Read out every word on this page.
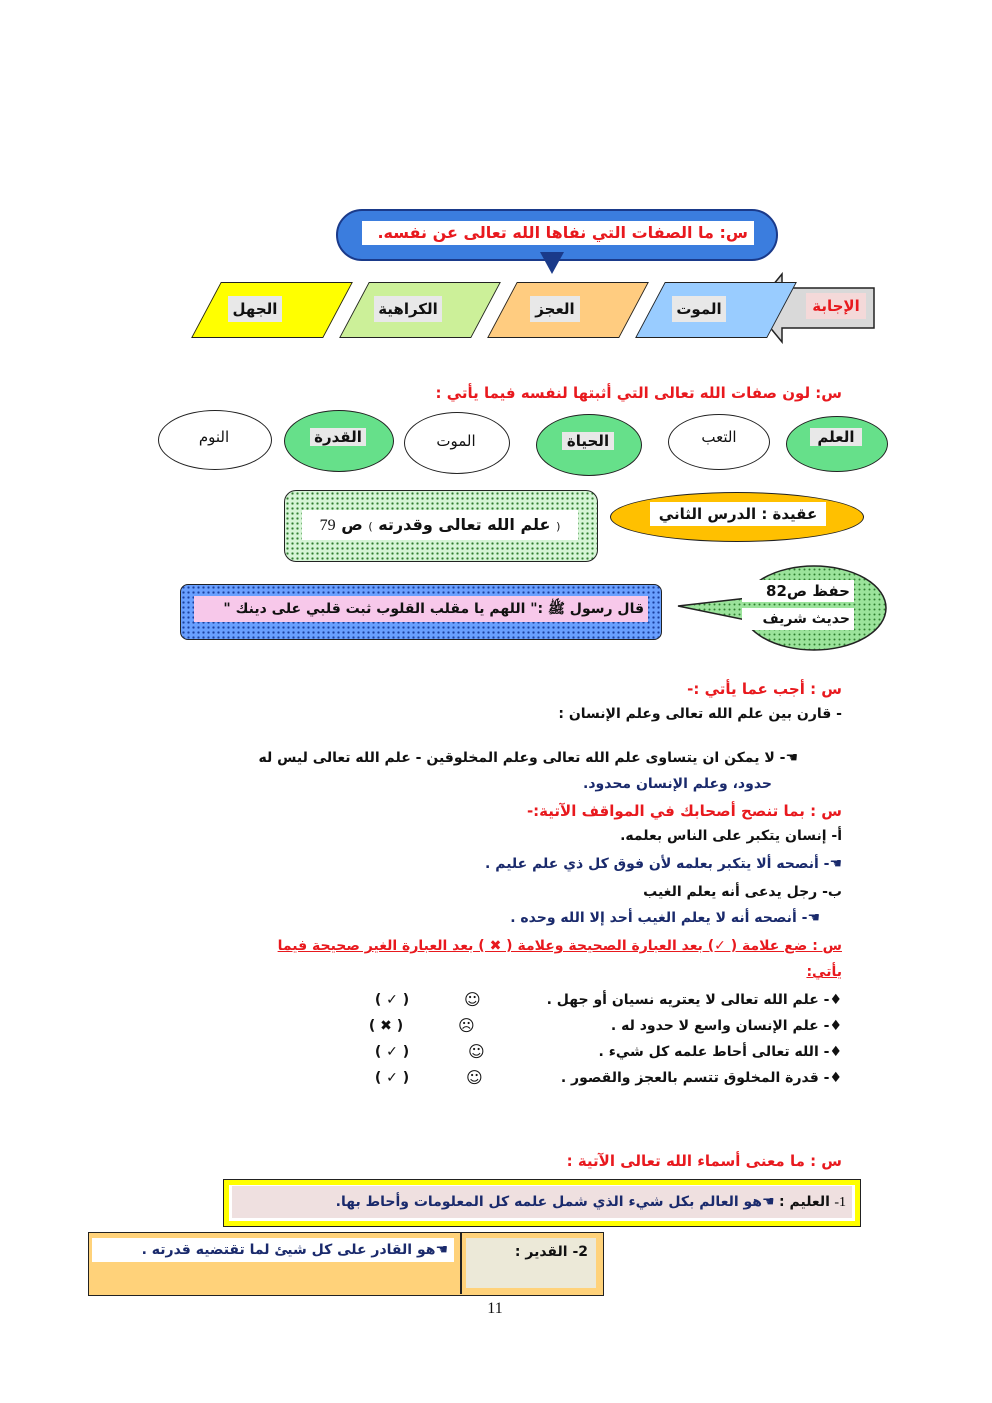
س: ما الصفات التي نفاها الله تعالى عن نفسه.
الإجابة
الموت
العجز
الكراهية
الجهل
س: لون صفات الله تعالى التي أثبتها لنفسه فيما يأتي :
العلم
التعب
الحياة
الموت
القدرة
النوم
عقيدة : الدرس الثاني
( علم الله تعالى وقدرته ) ص 79
حفظ ص82
حديث شريف
قال رسول ﷺ :" اللهم يا مقلب القلوب ثبت قلبي على دينك "
س : أجب عما يأتي :-
- قارن بين علم الله تعالى وعلم الإنسان :
☚- لا يمكن ان يتساوى علم الله تعالى وعلم المخلوقين - علم الله تعالى ليس له
حدود، وعلم الإنسان محدود.
س : بما تنصح أصحابك في المواقف الآتية:-
أ- إنسان يتكبر على الناس بعلمه.
☚- أنصحه ألا يتكبر بعلمه لأن فوق كل ذي علم عليم .
ب- رجل يدعى أنه يعلم الغيب
☚- أنصحه أنه لا يعلم الغيب أحد إلا الله وحده .
س : ضع علامة ( ✓) بعد العبارة الصحيحة وعلامة ( ✖ ) بعد العبارة الغير صحيحة فيما
يأتي:
♦- علم الله تعالى لا يعتريه نسيان أو جهل .
☺
( ✓ )
♦- علم الإنسان واسع لا حدود له .
☹
( ✖ )
♦- الله تعالى أحاط علمه كل شيء .
☺
( ✓ )
♦- قدرة المخلوق تتسم بالعجز والقصور .
☺
( ✓ )
س : ما معنى أسماء الله تعالى الآتية :
1- العليم : ☚هو العالم بكل شيء الذي شمل علمه كل المعلومات وأحاط بها.
2- القدير :
☚هو القادر على كل شيئ لما تقتضيه قدرته .
11
